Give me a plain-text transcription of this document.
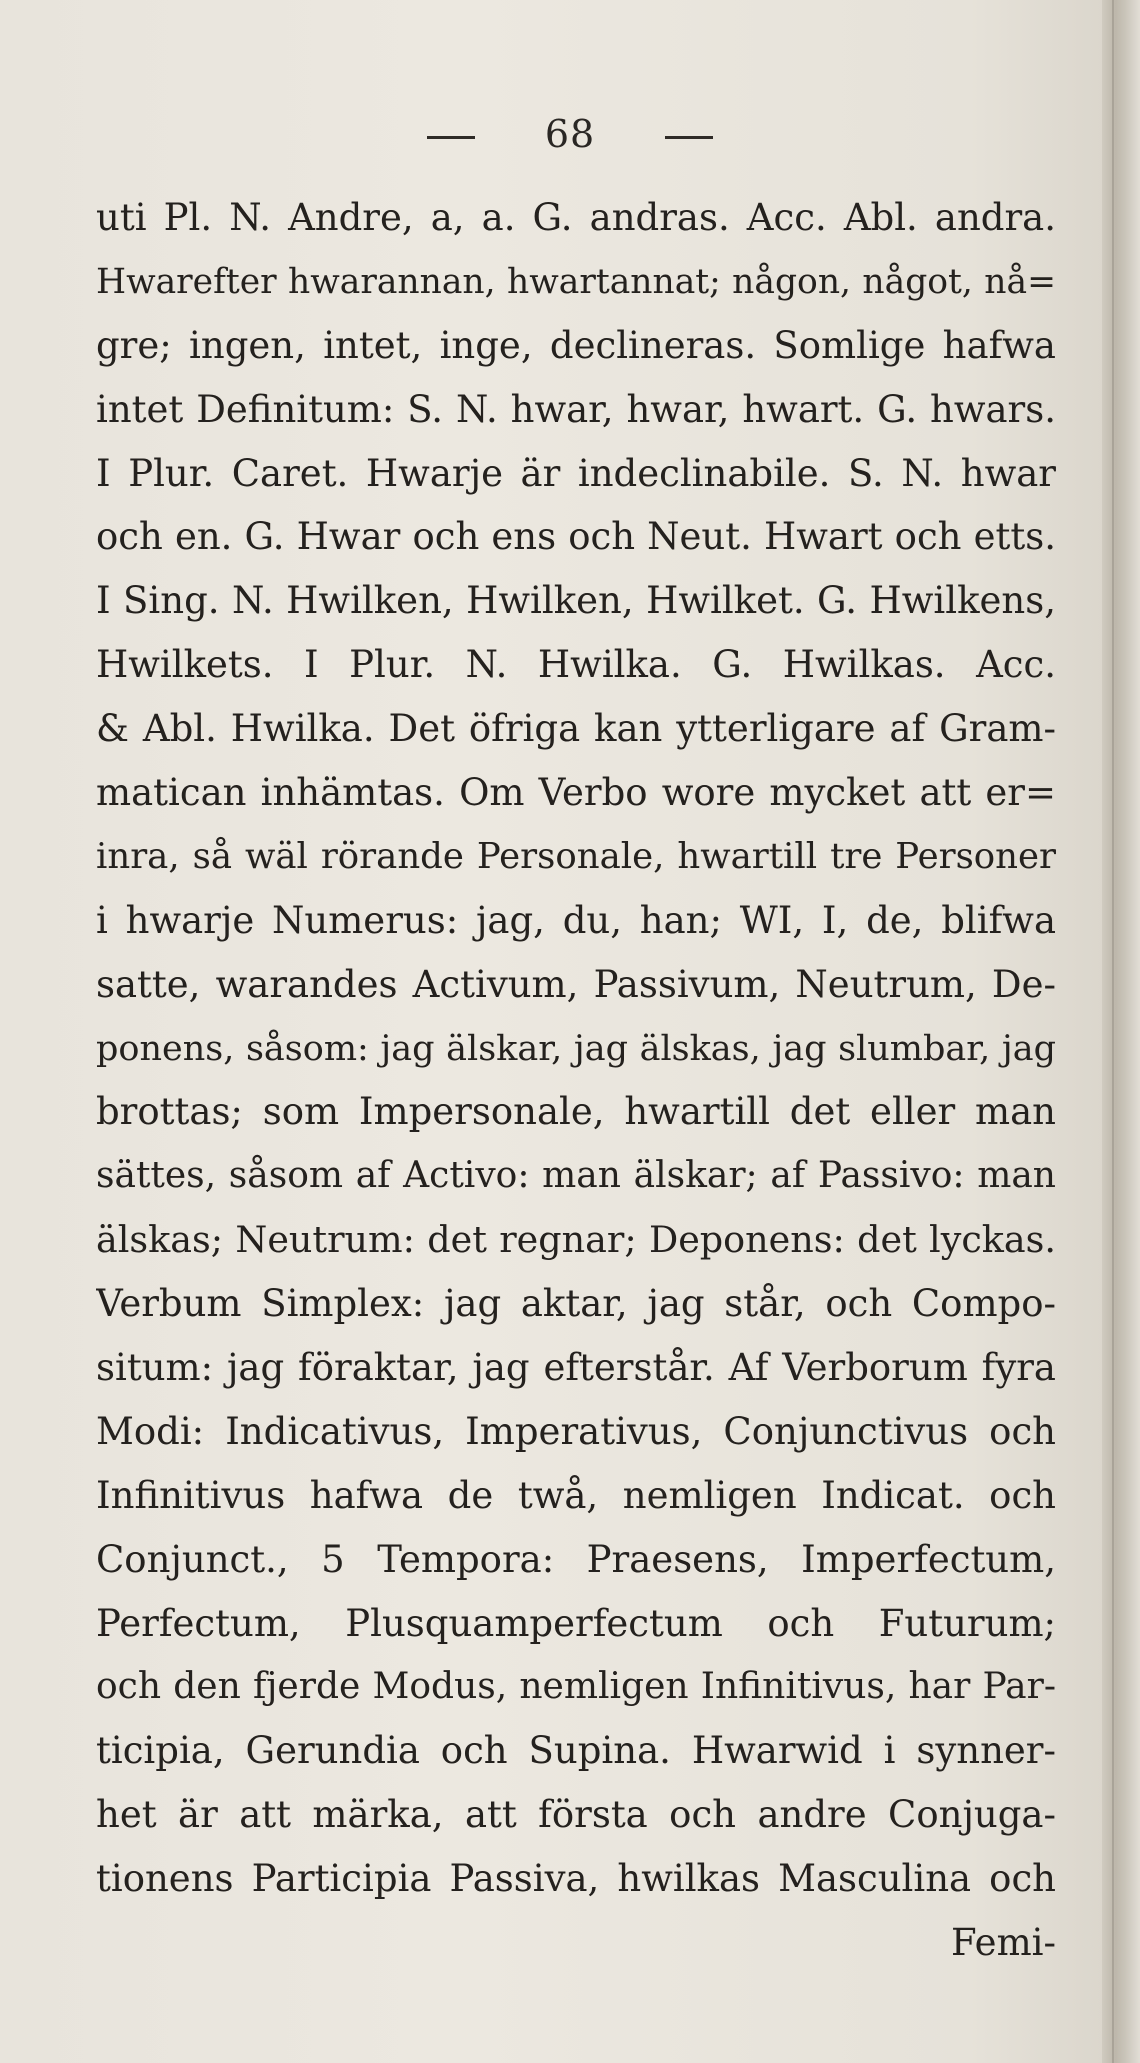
68
uti Pl. N. Andre, a, a. G. andras. Acc. Abl. andra.
Hwarefter hwarannan, hwartannat; någon, något, nå=
gre; ingen, intet, inge, declineras. Somlige hafwa
intet Definitum: S. N. hwar, hwar, hwart. G. hwars.
I Plur. Caret. Hwarje är indeclinabile. S. N. hwar
och en. G. Hwar och ens och Neut. Hwart och etts.
I Sing. N. Hwilken, Hwilken, Hwilket. G. Hwilkens,
Hwilkets. I Plur. N. Hwilka. G. Hwilkas. Acc.
& Abl. Hwilka. Det öfriga kan ytterligare af Gram-
matican inhämtas. Om Verbo wore mycket att er=
inra, så wäl rörande Personale, hwartill tre Personer
i hwarje Numerus: jag, du, han; WI, I, de, blifwa
satte, warandes Activum, Passivum, Neutrum, De-
ponens, såsom: jag älskar, jag älskas, jag slumbar, jag
brottas; som Impersonale, hwartill det eller man
sättes, såsom af Activo: man älskar; af Passivo: man
älskas; Neutrum: det regnar; Deponens: det lyckas.
Verbum Simplex: jag aktar, jag står, och Compo-
situm: jag föraktar, jag efterstår. Af Verborum fyra
Modi: Indicativus, Imperativus, Conjunctivus och
Infinitivus hafwa de twå, nemligen Indicat. och
Conjunct., 5 Tempora: Praesens, Imperfectum,
Perfectum, Plusquamperfectum och Futurum;
och den fjerde Modus, nemligen Infinitivus, har Par-
ticipia, Gerundia och Supina. Hwarwid i synner-
het är att märka, att första och andre Conjuga-
tionens Participia Passiva, hwilkas Masculina och
Femi-
